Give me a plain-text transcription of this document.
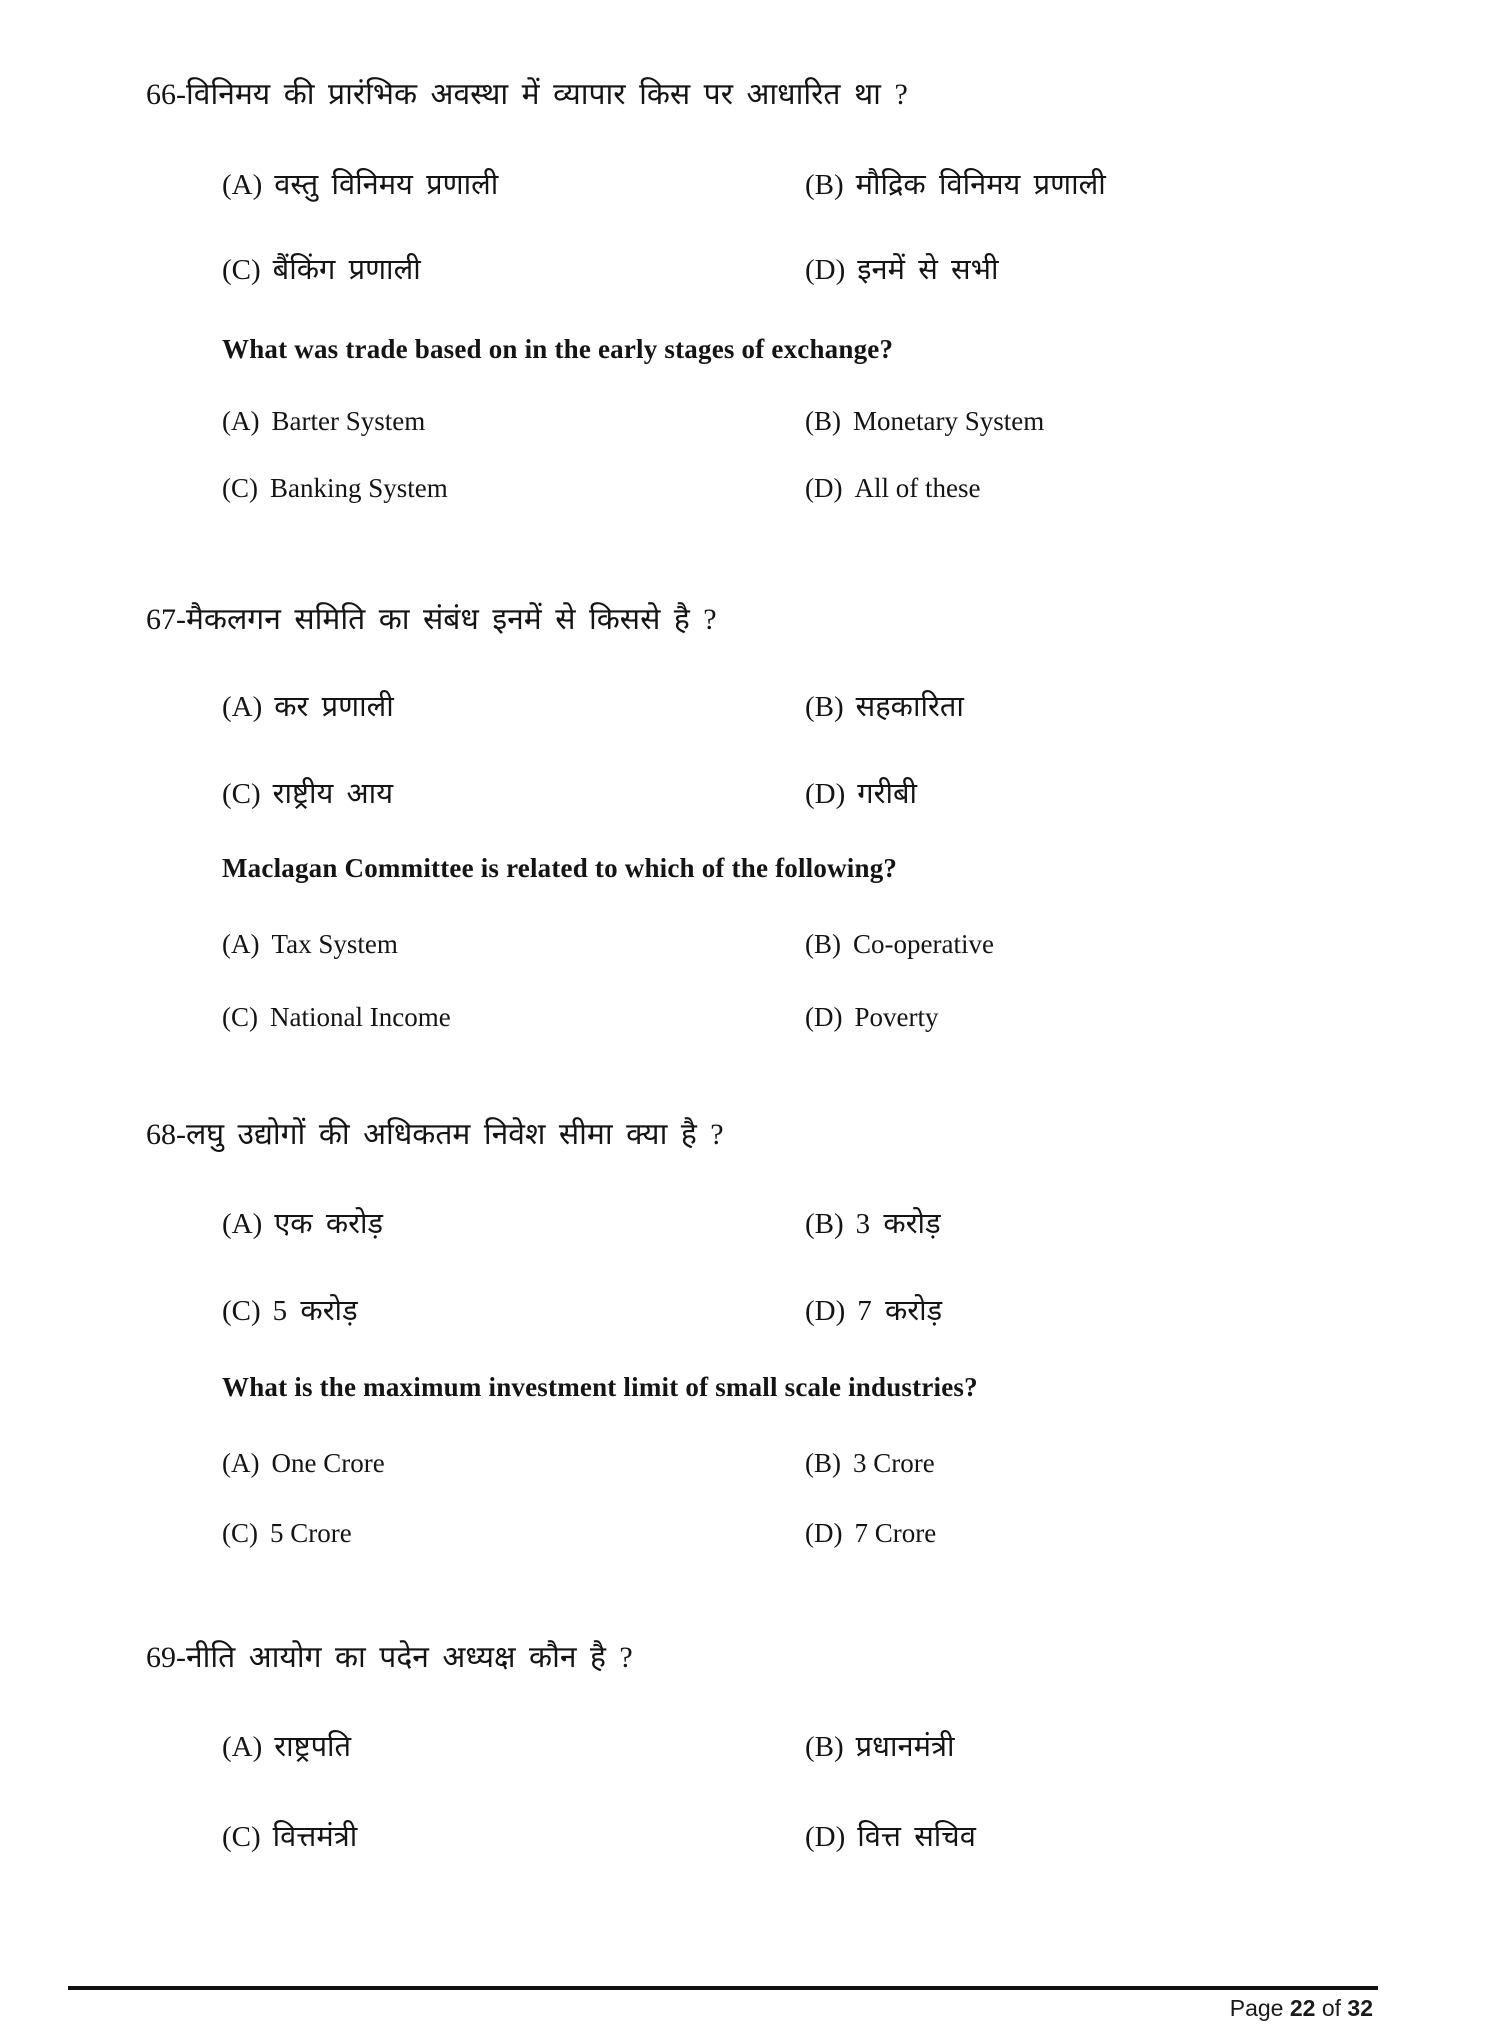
66-विनिमय की प्रारंभिक अवस्था में व्यापार किस पर आधारित था ?
(A) वस्तु विनिमय प्रणाली	(B) मौद्रिक विनिमय प्रणाली
(C) बैंकिंग प्रणाली	(D) इनमें से सभी
What was trade based on in the early stages of exchange?
(A) Barter System	(B) Monetary System
(C) Banking System	(D) All of these
67-मैकलगन समिति का संबंध इनमें से किससे है ?
(A) कर प्रणाली	(B) सहकारिता
(C) राष्ट्रीय आय	(D) गरीबी
Maclagan Committee is related to which of the following?
(A) Tax System	(B) Co-operative
(C) National Income	(D) Poverty
68-लघु उद्योगों की अधिकतम निवेश सीमा क्या है ?
(A) एक करोड़	(B) 3 करोड़
(C) 5 करोड़	(D) 7 करोड़
What is the maximum investment limit of small scale industries?
(A) One Crore	(B) 3 Crore
(C) 5 Crore	(D) 7 Crore
69-नीति आयोग का पदेन अध्यक्ष कौन है ?
(A) राष्ट्रपति	(B) प्रधानमंत्री
(C) वित्तमंत्री	(D) वित्त सचिव
Page 22 of 32
